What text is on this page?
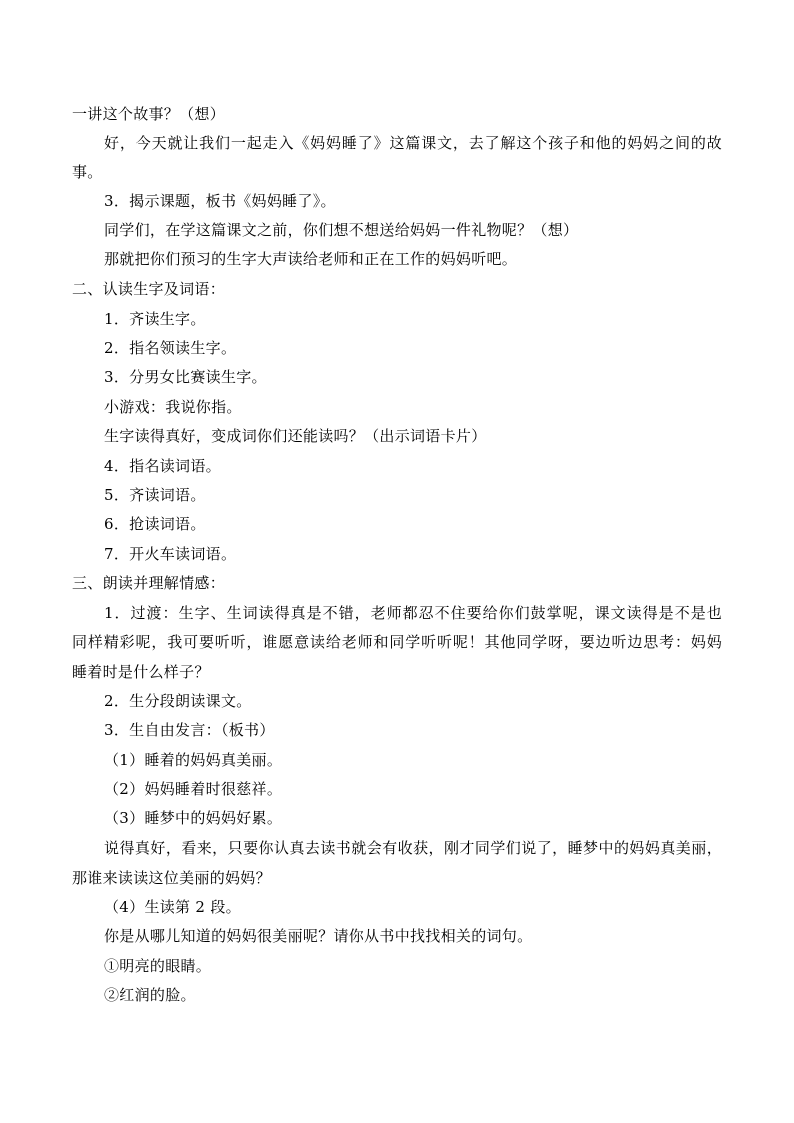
一讲这个故事？（想）
好，今天就让我们一起走入《妈妈睡了》这篇课文，去了解这个孩子和他的妈妈之间的故
事。
3．揭示课题，板书《妈妈睡了》。
同学们，在学这篇课文之前，你们想不想送给妈妈一件礼物呢？（想）
那就把你们预习的生字大声读给老师和正在工作的妈妈听吧。
二、认读生字及词语：
1．齐读生字。
2．指名领读生字。
3．分男女比赛读生字。
小游戏：我说你指。
生字读得真好，变成词你们还能读吗？（出示词语卡片）
4．指名读词语。
5．齐读词语。
6．抢读词语。
7．开火车读词语。
三、朗读并理解情感：
1．过渡：生字、生词读得真是不错，老师都忍不住要给你们鼓掌呢，课文读得是不是也
同样精彩呢，我可要听听，谁愿意读给老师和同学听听呢！其他同学呀，要边听边思考：妈妈
睡着时是什么样子？
2．生分段朗读课文。
3．生自由发言：（板书）
（1）睡着的妈妈真美丽。
（2）妈妈睡着时很慈祥。
（3）睡梦中的妈妈好累。
说得真好，看来，只要你认真去读书就会有收获，刚才同学们说了，睡梦中的妈妈真美丽，
那谁来读读这位美丽的妈妈？
（4）生读第 2 段。
你是从哪儿知道的妈妈很美丽呢？请你从书中找找相关的词句。
①明亮的眼睛。
②红润的脸。
